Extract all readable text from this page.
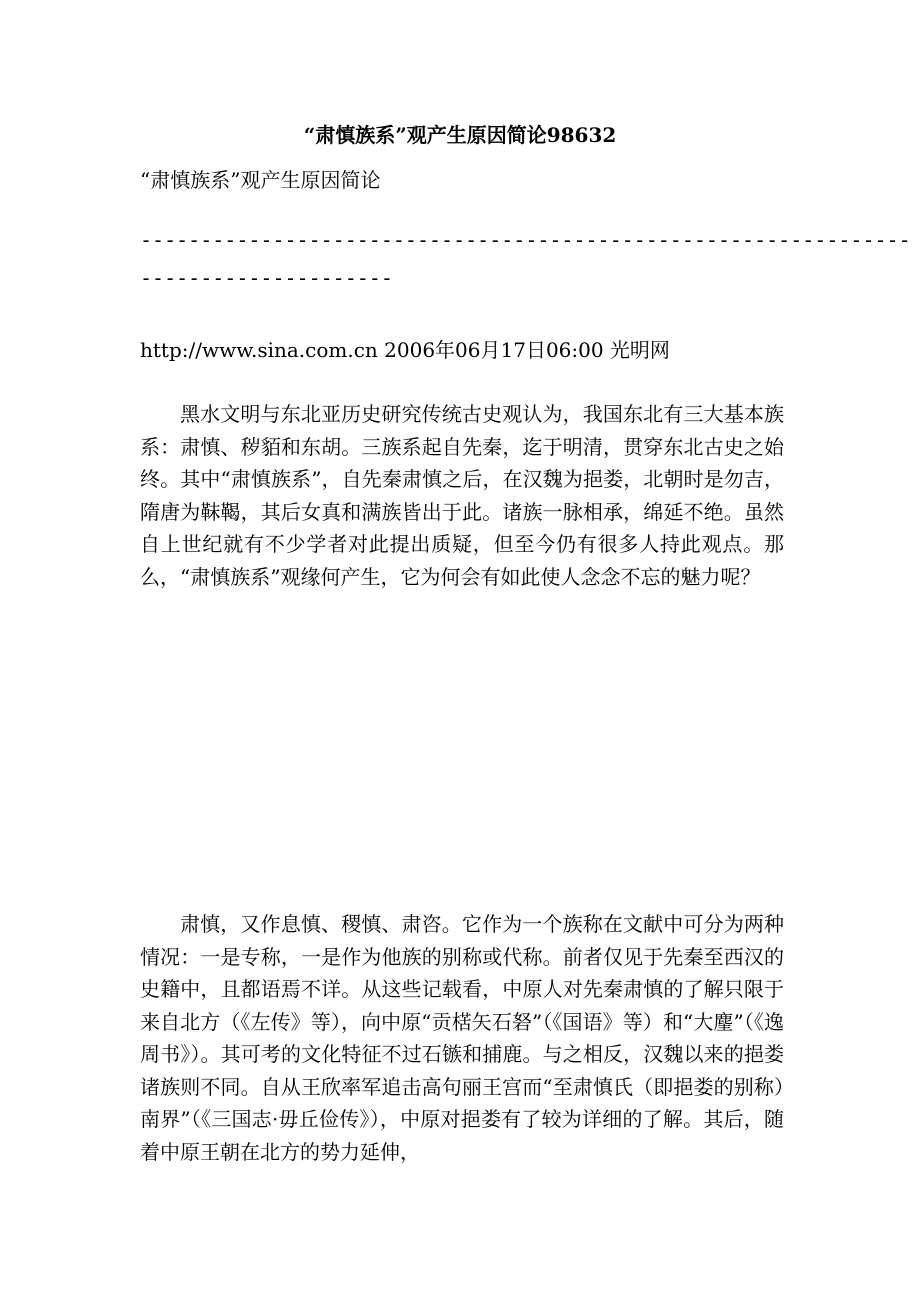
“肃慎族系”观产生原因简论98632
“肃慎族系”观产生原因简论
----------------------------------------------------------------
---------------------
http://www.sina.com.cn 2006年06月17日06:00 光明网

黑水文明与东北亚历史研究传统古史观认为，我国东北有三大基本族系：肃慎、秽貊和东胡。三族系起自先秦，迄于明清，贯穿东北古史之始终。其中“肃慎族系”，自先秦肃慎之后，在汉魏为挹娄，北朝时是勿吉，隋唐为靺鞨，其后女真和满族皆出于此。诸族一脉相承，绵延不绝。虽然自上世纪就有不少学者对此提出质疑，但至今仍有很多人持此观点。那么，“肃慎族系”观缘何产生，它为何会有如此使人念念不忘的魅力呢？

肃慎，又作息慎、稷慎、肃咨。它作为一个族称在文献中可分为两种情况：一是专称，一是作为他族的别称或代称。前者仅见于先秦至西汉的史籍中，且都语焉不详。从这些记载看，中原人对先秦肃慎的了解只限于来自北方（《左传》等），向中原“贡楛矢石砮”（《国语》等）和“大麈”（《逸周书》）。其可考的文化特征不过石镞和捕鹿。与之相反，汉魏以来的挹娄诸族则不同。自从王欣率军追击高句丽王宫而“至肃慎氏（即挹娄的别称）南界”（《三国志·毋丘俭传》），中原对挹娄有了较为详细的了解。其后，随着中原王朝在北方的势力延伸，
